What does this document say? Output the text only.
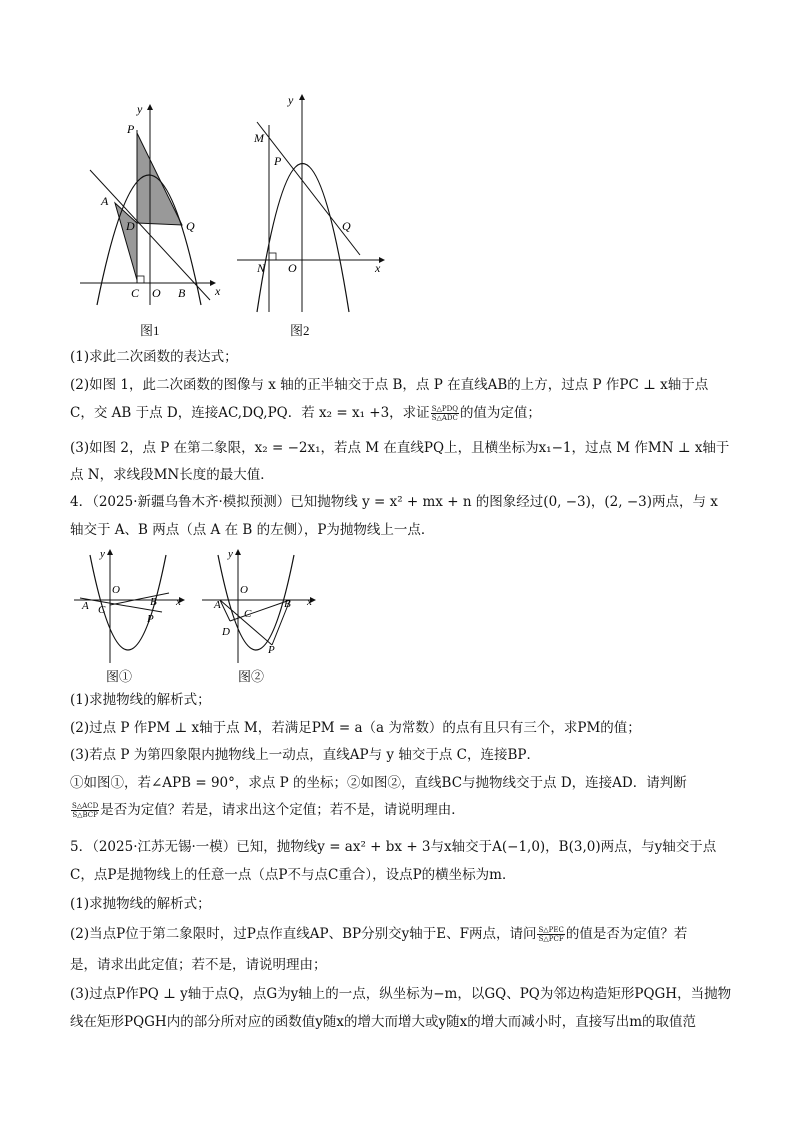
y
x
P
A
D	Q
C O B
图1
y
x
M
P
Q
N O
图2
(1)求此二次函数的表达式；
(2)如图 1，此二次函数的图像与 x 轴的正半轴交于点 B，点 P 在直线AB的上方，过点 P 作PC ⊥ x轴于点
C，交 AB 于点 D，连接AC,DQ,PQ．若 x₂ = x₁ +3，求证 $\frac{\text{S△PDQ}}{\text{S△ADC}}$ 的值为定值；
(3)如图 2，点 P 在第二象限，x₂ = −2x₁，若点 M 在直线PQ上，且横坐标为x₁−1，过点 M 作MN ⊥ x轴于
点 N，求线段MN长度的最大值．
4．（2025·新疆乌鲁木齐·模拟预测）已知抛物线 y = x² + mx + n 的图象经过(0, −3)，(2, −3)两点，与 x
轴交于 A、B 两点（点 A 在 B 的左侧），P为抛物线上一点．
y
x
O
A C
B
P
图①
y
x
O
A
C
B
D
P
图②
(1)求抛物线的解析式；
(2)过点 P 作PM ⊥ x轴于点 M，若满足PM = a（a 为常数）的点有且只有三个，求PM的值；
(3)若点 P 为第四象限内抛物线上一动点，直线AP与 y 轴交于点 C，连接BP．
①如图①，若∠APB = 90°，求点 P 的坐标；②如图②，直线BC与抛物线交于点 D，连接AD．请判断
$\frac{\text{S△ACD}}{\text{S△BCP}}$ 是否为定值？若是，请求出这个定值；若不是，请说明理由．
5．（2025·江苏无锡·一模）已知，抛物线y = ax² + bx + 3与x轴交于A(−1,0)，B(3,0)两点，与y轴交于点
C，点P是抛物线上的任意一点（点P不与点C重合），设点P的横坐标为m．
(1)求抛物线的解析式；
(2)当点P位于第二象限时，过P点作直线AP、BP分别交y轴于E、F两点，请问 $\frac{\text{S△PEC}}{\text{S△PCF}}$ 的值是否为定值？若
是，请求出此定值；若不是，请说明理由；
(3)过点P作PQ ⊥ y轴于点Q，点G为y轴上的一点，纵坐标为−m，以GQ、PQ为邻边构造矩形PQGH，当抛物
线在矩形PQGH内的部分所对应的函数值y随x的增大而增大或y随x的增大而减小时，直接写出m的取值范
